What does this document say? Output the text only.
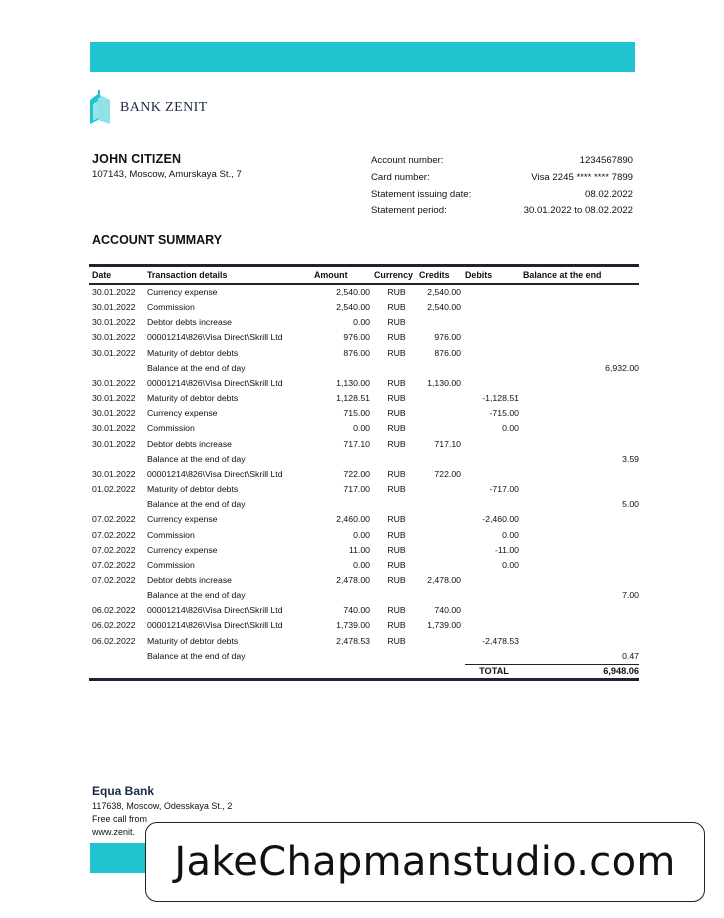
BANK ZENIT
JOHN CITIZEN
107143, Moscow, Amurskaya St., 7
Account number:	1234567890
Card number:	Visa 2245 **** **** 7899
Statement issuing date:	08.02.2022
Statement period:	30.01.2022 to 08.02.2022
ACCOUNT SUMMARY
Date	Transaction details	Amount	Currency	Credits	Debits	Balance at the end
30.01.2022	Currency expense	2,540.00	RUB	2,540.00		
30.01.2022	Commission	2,540.00	RUB	2,540.00		
30.01.2022	Debtor debts increase	0.00	RUB			
30.01.2022	00001214\826\Visa Direct\Skrill Ltd	976.00	RUB	976.00		
30.01.2022	Maturity of debtor debts	876.00	RUB	876.00		
	Balance at the end of day					6,932.00
30.01.2022	00001214\826\Visa Direct\Skrill Ltd	1,130.00	RUB	1,130.00		
30.01.2022	Maturity of debtor debts	1,128.51	RUB		-1,128.51	
30.01.2022	Currency expense	715.00	RUB		-715.00	
30.01.2022	Commission	0.00	RUB		0.00	
30.01.2022	Debtor debts increase	717.10	RUB	717.10		
	Balance at the end of day					3.59
30.01.2022	00001214\826\Visa Direct\Skrill Ltd	722.00	RUB	722.00		
01.02.2022	Maturity of debtor debts	717.00	RUB		-717.00	
	Balance at the end of day					5.00
07.02.2022	Currency expense	2,460.00	RUB		-2,460.00	
07.02.2022	Commission	0.00	RUB		0.00	
07.02.2022	Currency expense	11.00	RUB		-11.00	
07.02.2022	Commission	0.00	RUB		0.00	
07.02.2022	Debtor debts increase	2,478.00	RUB	2,478.00		
	Balance at the end of day					7.00
06.02.2022	00001214\826\Visa Direct\Skrill Ltd	740.00	RUB	740.00		
06.02.2022	00001214\826\Visa Direct\Skrill Ltd	1,739.00	RUB	1,739.00		
06.02.2022	Maturity of debtor debts	2,478.53	RUB		-2,478.53	
	Balance at the end of day					0.47
					TOTAL	6,948.06
Equa Bank
117638, Moscow, Odesskaya St., 2
Free call from
www.zenit.
JakeChapmanstudio.com
